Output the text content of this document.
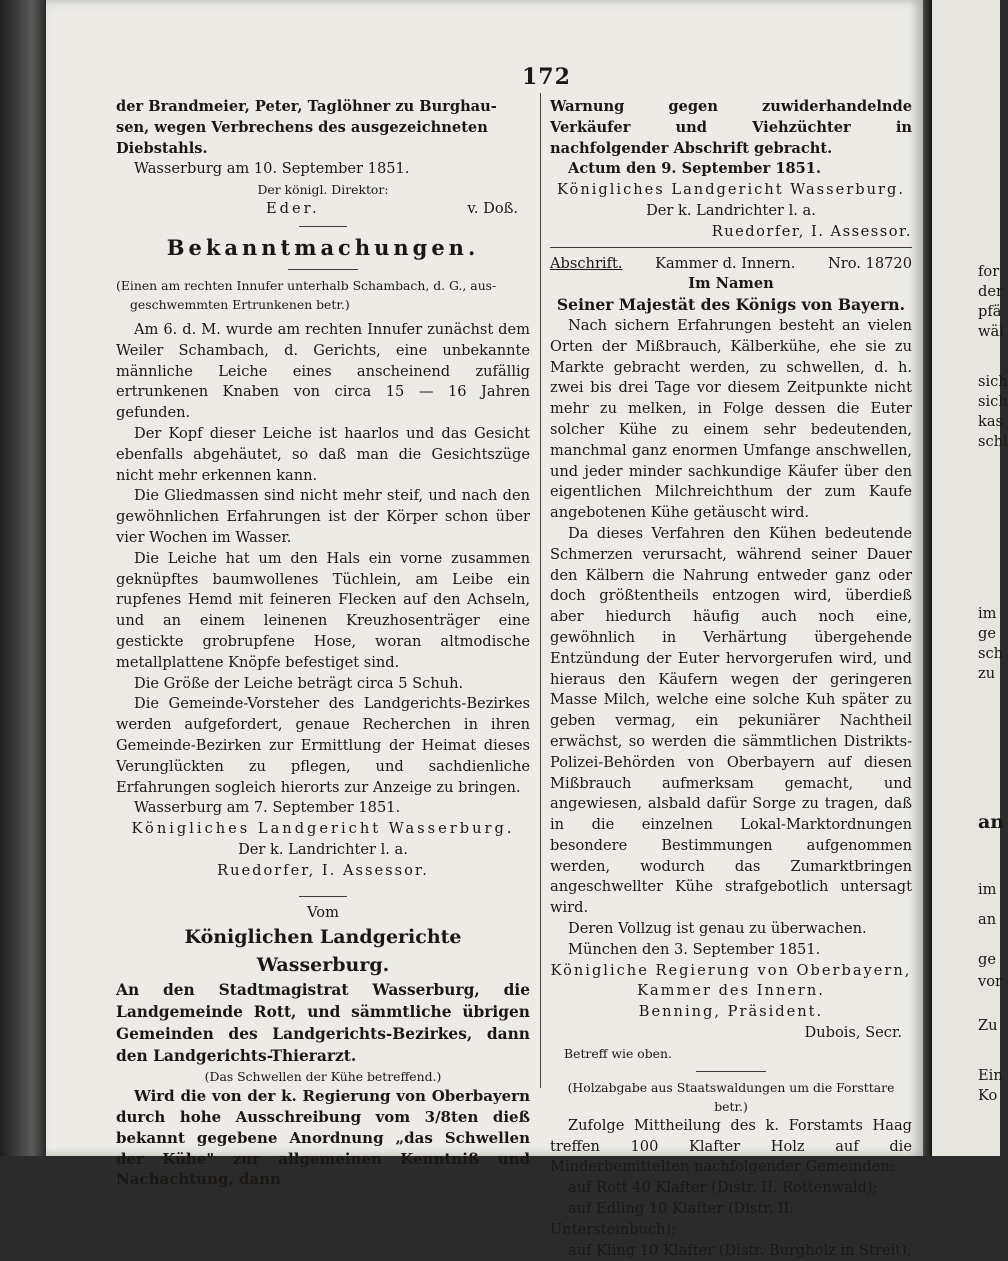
172

der Brandmeier, Peter, Taglöhner zu Burghau-

sen, wegen Verbrechens des ausgezeichneten Diebstahls.

Wasserburg am 10. September 1851.

Der königl. Direktor:

Eder.	v. Doß.

Bekanntmachungen.

(Einen am rechten Innufer unterhalb Schambach, d. G., aus-

geschwemmten Ertrunkenen betr.)

Am 6. d. M. wurde am rechten Innufer zunächst dem Weiler Schambach, d. Gerichts, eine unbekannte männliche Leiche eines anscheinend zufällig ertrunkenen Knaben von circa 15 — 16 Jahren gefunden.

Der Kopf dieser Leiche ist haarlos und das Gesicht ebenfalls abgehäutet, so daß man die Gesichtszüge nicht mehr erkennen kann.

Die Gliedmassen sind nicht mehr steif, und nach den gewöhnlichen Erfahrungen ist der Körper schon über vier Wochen im Wasser.

Die Leiche hat um den Hals ein vorne zusammen geknüpftes baumwollenes Tüchlein, am Leibe ein rupfenes Hemd mit feineren Flecken auf den Achseln, und an einem leinenen Kreuzhosenträger eine gestickte grobrupfene Hose, woran altmodische metallplattene Knöpfe befestiget sind.

Die Größe der Leiche beträgt circa 5 Schuh.

Die Gemeinde-Vorsteher des Landgerichts-Bezirkes werden aufgefordert, genaue Recherchen in ihren Gemeinde-Bezirken zur Ermittlung der Heimat dieses Verunglückten zu pflegen, und sachdienliche Erfahrungen sogleich hierorts zur Anzeige zu bringen.

Wasserburg am 7. September 1851.

Königliches Landgericht Wasserburg.

Der k. Landrichter l. a.

Ruedorfer, I. Assessor.

Vom

Königlichen Landgerichte Wasserburg.

An den Stadtmagistrat Wasserburg, die Landgemeinde Rott, und sämmtliche übrigen Gemeinden des Landgerichts-Bezirkes, dann den Landgerichts-Thierarzt.

(Das Schwellen der Kühe betreffend.)

Wird die von der k. Regierung von Oberbayern durch hohe Ausschreibung vom 3/8ten dieß bekannt gegebene Anordnung „das Schwellen der Kühe" zur allgemeinen Kenntniß und Nachachtung, dann

Warnung gegen zuwiderhandelnde Verkäufer und Viehzüchter in nachfolgender Abschrift gebracht.

Actum den 9. September 1851.

Königliches Landgericht Wasserburg.

Der k. Landrichter l. a.

Ruedorfer, I. Assessor.

Abschrift. Kammer d. Innern. Nro. 18720

Im Namen

Seiner Majestät des Königs von Bayern.

Nach sichern Erfahrungen besteht an vielen Orten der Mißbrauch, Kälberkühe, ehe sie zu Markte gebracht werden, zu schwellen, d. h. zwei bis drei Tage vor diesem Zeitpunkte nicht mehr zu melken, in Folge dessen die Euter solcher Kühe zu einem sehr bedeutenden, manchmal ganz enormen Umfange anschwellen, und jeder minder sachkundige Käufer über den eigentlichen Milchreichthum der zum Kaufe angebotenen Kühe getäuscht wird.

Da dieses Verfahren den Kühen bedeutende Schmerzen verursacht, während seiner Dauer den Kälbern die Nahrung entweder ganz oder doch größtentheils entzogen wird, überdieß aber hiedurch häufig auch noch eine, gewöhnlich in Verhärtung übergehende Entzündung der Euter hervorgerufen wird, und hieraus den Käufern wegen der geringeren Masse Milch, welche eine solche Kuh später zu geben vermag, ein pekuniärer Nachtheil erwächst, so werden die sämmtlichen Distrikts-Polizei-Behörden von Oberbayern auf diesen Mißbrauch aufmerksam gemacht, und angewiesen, alsbald dafür Sorge zu tragen, daß in die einzelnen Lokal-Marktordnungen besondere Bestimmungen aufgenommen werden, wodurch das Zumarktbringen angeschwellter Kühe strafgebotlich untersagt wird.

Deren Vollzug ist genau zu überwachen.

München den 3. September 1851.

Königliche Regierung von Oberbayern,

Kammer des Innern.

Benning, Präsident.

Dubois, Secr.

Betreff wie oben.

(Holzabgabe aus Staatswaldungen um die Forsttare betr.)

Zufolge Mittheilung des k. Forstamts Haag treffen 100 Klafter Holz auf die Minderbemittelten nachfolgender Gemeinden:

auf Rott 40 Klafter (Distr. II. Rottenwald);

auf Edling 10 Klafter (Distr. II. Untersteinbuch);

auf Kling 10 Klafter (Distr. Burgholz in Streit);

for
der
pfä
wäl
sich
sich
kas
schl
im
ge
sch
zu
an
im
an
ge
vor
Zu
Ein
Ko
